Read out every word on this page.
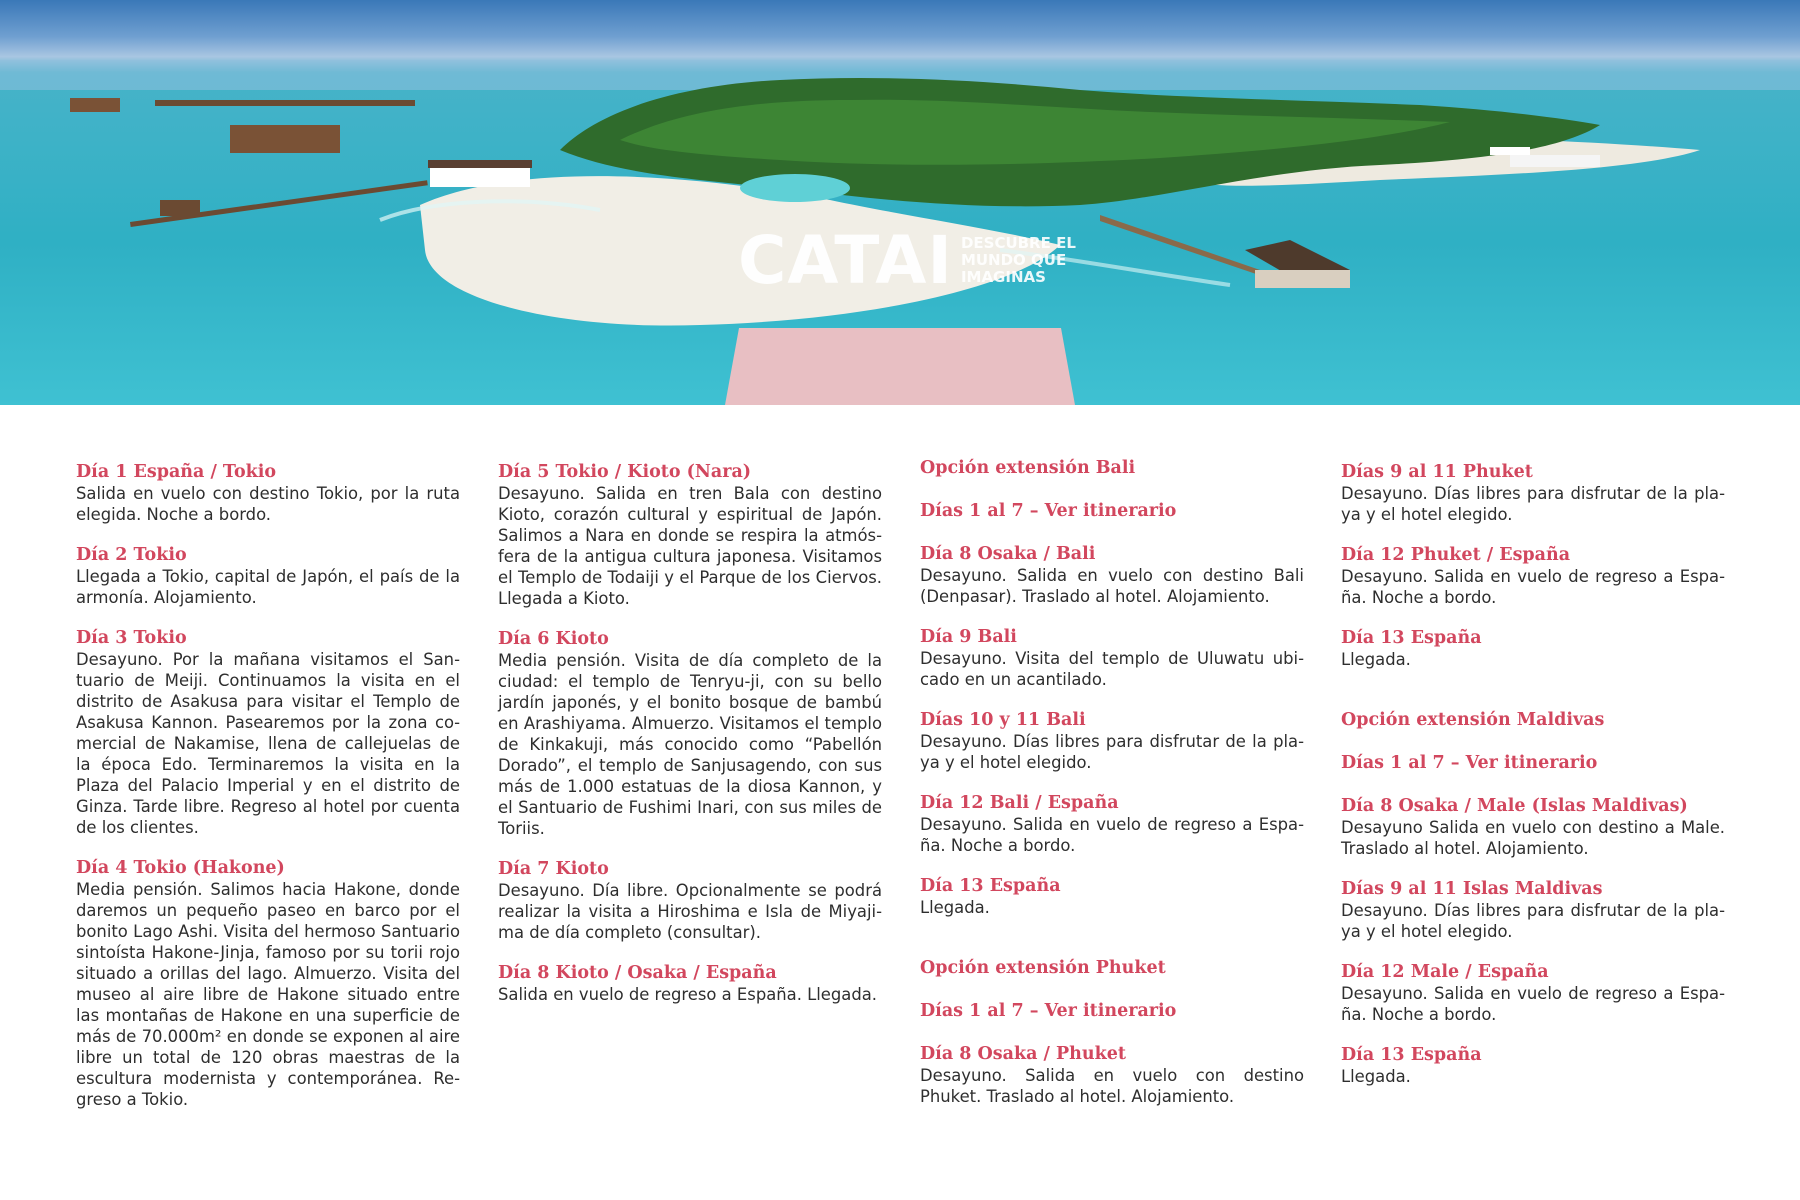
CATAI DESCUBRE EL MUNDO QUE IMAGINAS
Día 1 España / Tokio
Salida en vuelo con destino Tokio, por la ruta elegida. Noche a bordo.
Día 2 Tokio
Llegada a Tokio, capital de Japón, el país de la armonía. Alojamiento.
Día 3 Tokio
Desayuno. Por la mañana visitamos el Santuario de Meiji. Continuamos la visita en el distrito de Asakusa para visitar el Templo de Asakusa Kannon. Pasearemos por la zona comercial de Nakamise, llena de callejuelas de la época Edo. Terminaremos la visita en la Plaza del Palacio Imperial y en el distrito de Ginza. Tarde libre. Regreso al hotel por cuenta de los clientes.
Día 4 Tokio (Hakone)
Media pensión. Salimos hacia Hakone, donde daremos un pequeño paseo en barco por el bonito Lago Ashi. Visita del hermoso Santuario sintoísta Hakone-Jinja, famoso por su torii rojo situado a orillas del lago. Almuerzo. Visita del museo al aire libre de Hakone situado entre las montañas de Hakone en una superficie de más de 70.000m² en donde se exponen al aire libre un total de 120 obras maestras de la escultura modernista y contemporánea. Regreso a Tokio.
Día 5 Tokio / Kioto (Nara)
Desayuno. Salida en tren Bala con destino Kioto, corazón cultural y espiritual de Japón. Salimos a Nara en donde se respira la atmósfera de la antigua cultura japonesa. Visitamos el Templo de Todaiji y el Parque de los Ciervos. Llegada a Kioto.
Día 6 Kioto
Media pensión. Visita de día completo de la ciudad: el templo de Tenryu-ji, con su bello jardín japonés, y el bonito bosque de bambú en Arashiyama. Almuerzo. Visitamos el templo de Kinkakuji, más conocido como “Pabellón Dorado”, el templo de Sanjusagendo, con sus más de 1.000 estatuas de la diosa Kannon, y el Santuario de Fushimi Inari, con sus miles de Toriis.
Día 7 Kioto
Desayuno. Día libre. Opcionalmente se podrá realizar la visita a Hiroshima e Isla de Miyajima de día completo (consultar).
Día 8 Kioto / Osaka / España
Salida en vuelo de regreso a España. Llegada.
Opción extensión Bali
Días 1 al 7 – Ver itinerario
Día 8 Osaka / Bali
Desayuno. Salida en vuelo con destino Bali (Denpasar). Traslado al hotel. Alojamiento.
Día 9 Bali
Desayuno. Visita del templo de Uluwatu ubicado en un acantilado.
Días 10 y 11 Bali
Desayuno. Días libres para disfrutar de la playa y el hotel elegido.
Día 12 Bali / España
Desayuno. Salida en vuelo de regreso a España. Noche a bordo.
Día 13 España
Llegada.
Opción extensión Phuket
Días 1 al 7 – Ver itinerario
Día 8 Osaka / Phuket
Desayuno. Salida en vuelo con destino Phuket. Traslado al hotel. Alojamiento.
Días 9 al 11 Phuket
Desayuno. Días libres para disfrutar de la playa y el hotel elegido.
Día 12 Phuket / España
Desayuno. Salida en vuelo de regreso a España. Noche a bordo.
Día 13 España
Llegada.
Opción extensión Maldivas
Días 1 al 7 – Ver itinerario
Día 8 Osaka / Male (Islas Maldivas)
Desayuno Salida en vuelo con destino a Male. Traslado al hotel. Alojamiento.
Días 9 al 11 Islas Maldivas
Desayuno. Días libres para disfrutar de la playa y el hotel elegido.
Día 12 Male / España
Desayuno. Salida en vuelo de regreso a España. Noche a bordo.
Día 13 España
Llegada.
